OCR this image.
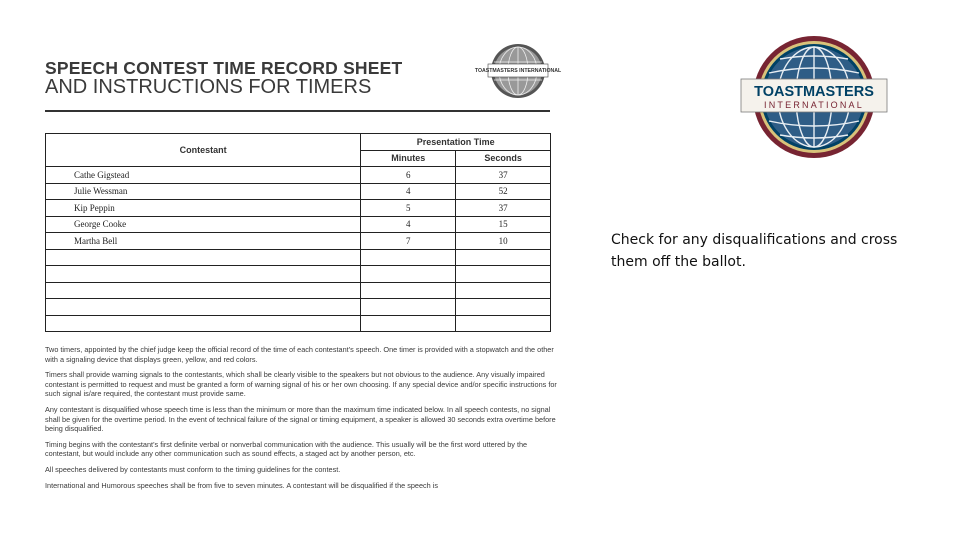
SPEECH CONTEST TIME RECORD SHEET
AND INSTRUCTIONS FOR TIMERS
TOASTMASTERS INTERNATIONAL
Contestant	Presentation Time	
	Minutes	Seconds
Cathe Gigstead	6	37
Julie Wessman	4	52
Kip Peppin	5	37
George Cooke	4	15
Martha Bell	7	10

Two timers, appointed by the chief judge keep the official record of the time of each contestant’s speech. One timer is provided with a stopwatch and the other with a signaling device that displays green, yellow, and red colors.

Timers shall provide warning signals to the contestants, which shall be clearly visible to the speakers but not obvious to the audience. Any visually impaired contestant is permitted to request and must be granted a form of warning signal of his or her own choosing. If any special device and/or specific instructions for such signal is/are required, the contestant must provide same.

Any contestant is disqualified whose speech time is less than the minimum or more than the maximum time indicated below. In all speech contests, no signal shall be given for the overtime period. In the event of technical failure of the signal or timing equipment, a speaker is allowed 30 seconds extra overtime before being disqualified.

Timing begins with the contestant’s first definite verbal or nonverbal communication with the audience. This usually will be the first word uttered by the contestant, but would include any other communication such as sound effects, a staged act by another person, etc.

All speeches delivered by contestants must conform to the timing guidelines for the contest.

International and Humorous speeches shall be from five to seven minutes. A contestant will be disqualified if the speech is

TOASTMASTERS
INTERNATIONAL
Check for any disqualifications and cross them off the ballot.
